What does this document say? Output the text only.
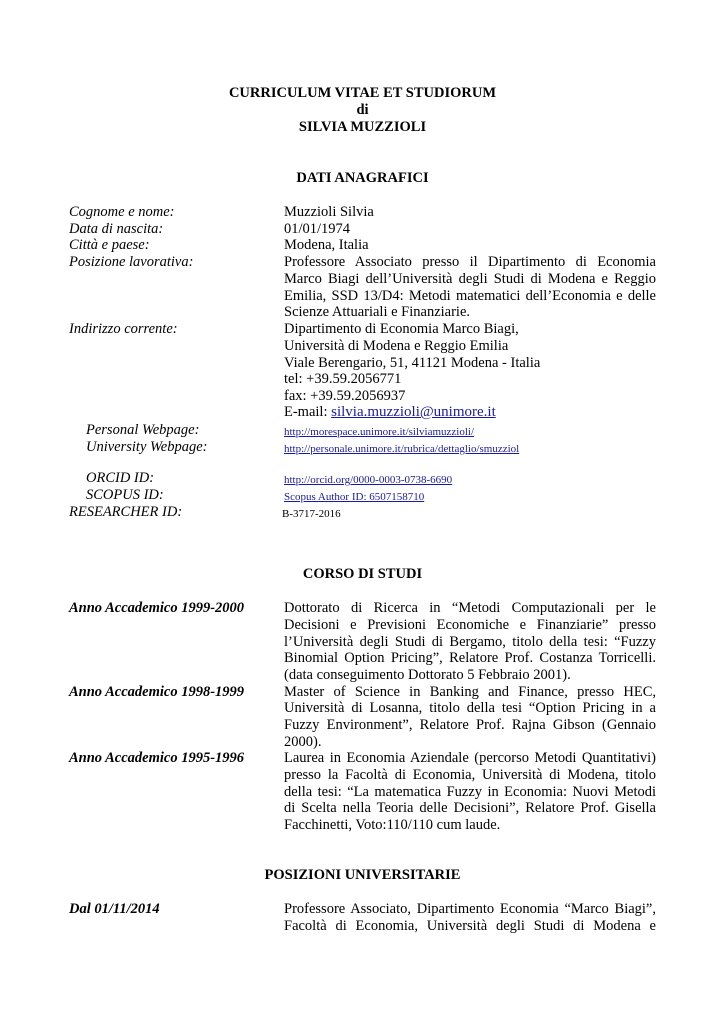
CURRICULUM VITAE ET STUDIORUM
di
SILVIA MUZZIOLI
DATI ANAGRAFICI
Cognome e nome:	Muzzioli Silvia
Data di nascita:	01/01/1974
Città e paese:	Modena, Italia
Posizione lavorativa:	Professore Associato presso il Dipartimento di Economia
Marco Biagi dell’Università degli Studi di Modena e Reggio
Emilia, SSD 13/D4: Metodi matematici dell’Economia e delle
Scienze Attuariali e Finanziarie.
Indirizzo corrente:	Dipartimento di Economia Marco Biagi,
Università di Modena e Reggio Emilia
Viale Berengario, 51, 41121 Modena - Italia
tel: +39.59.2056771
fax: +39.59.2056937
E-mail: silvia.muzzioli@unimore.it
Personal Webpage:	http://morespace.unimore.it/silviamuzzioli/
University Webpage:	http://personale.unimore.it/rubrica/dettaglio/smuzziol
ORCID ID:	http://orcid.org/0000-0003-0738-6690
SCOPUS ID:	Scopus Author ID: 6507158710
RESEARCHER ID:	B-3717-2016
CORSO DI STUDI
Anno Accademico 1999-2000	Dottorato di Ricerca in “Metodi Computazionali per le
Decisioni e Previsioni Economiche e Finanziarie” presso
l’Università degli Studi di Bergamo, titolo della tesi: “Fuzzy
Binomial Option Pricing”, Relatore Prof. Costanza Torricelli.
(data conseguimento Dottorato 5 Febbraio 2001).
Anno Accademico 1998-1999	Master of Science in Banking and Finance, presso HEC,
Università di Losanna, titolo della tesi “Option Pricing in a
Fuzzy Environment”, Relatore Prof. Rajna Gibson (Gennaio
2000).
Anno Accademico 1995-1996	Laurea in Economia Aziendale (percorso Metodi Quantitativi)
presso la Facoltà di Economia, Università di Modena, titolo
della tesi: “La matematica Fuzzy in Economia: Nuovi Metodi
di Scelta nella Teoria delle Decisioni”, Relatore Prof. Gisella
Facchinetti, Voto:110/110 cum laude.
POSIZIONI UNIVERSITARIE
Dal 01/11/2014	Professore Associato, Dipartimento Economia “Marco Biagi”,
Facoltà di Economia, Università degli Studi di Modena e
